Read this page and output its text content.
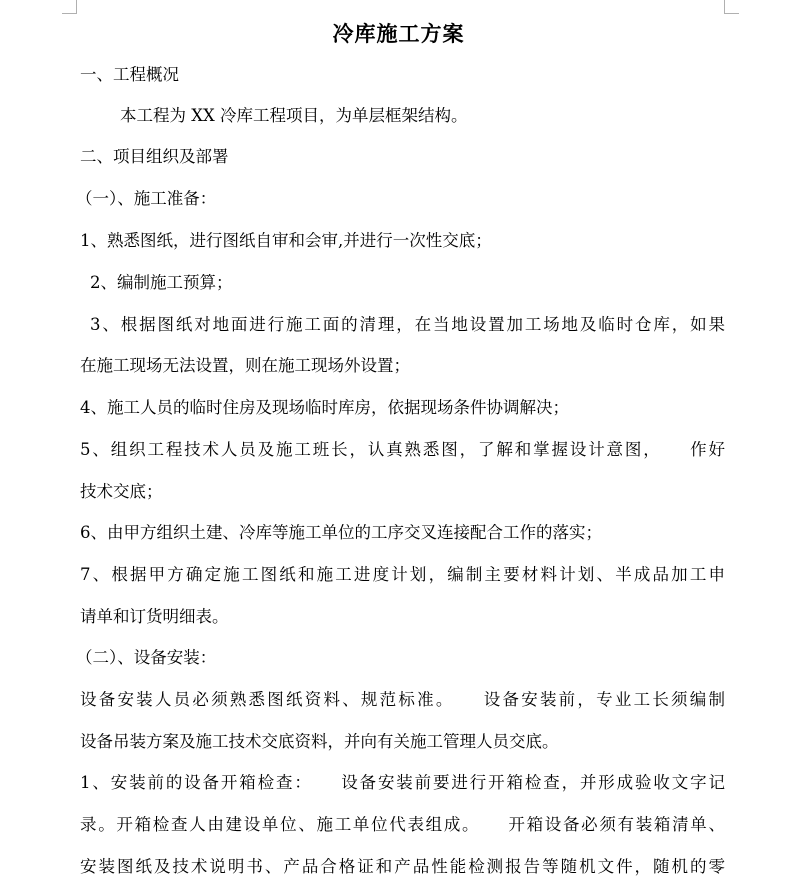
冷库施工方案

一、工程概况

本工程为 XX 冷库工程项目，为单层框架结构。

二、项目组织及部署

（一）、施工准备：

1、熟悉图纸，进行图纸自审和会审,并进行一次性交底；

2、编制施工预算；

3、根据图纸对地面进行施工面的清理，在当地设置加工场地及临时仓库，如果

在施工现场无法设置，则在施工现场外设置；

4、施工人员的临时住房及现场临时库房，依据现场条件协调解决；

5、组织工程技术人员及施工班长，认真熟悉图，了解和掌握设计意图，　　作好

技术交底；

6、由甲方组织土建、冷库等施工单位的工序交叉连接配合工作的落实；

7、根据甲方确定施工图纸和施工进度计划，编制主要材料计划、半成品加工申

请单和订货明细表。

（二）、设备安装：

设备安装人员必须熟悉图纸资料、规范标准。　　设备安装前，专业工长须编制

设备吊装方案及施工技术交底资料，并向有关施工管理人员交底。

1、安装前的设备开箱检查：　　设备安装前要进行开箱检查，并形成验收文字记

录。开箱检查人由建设单位、施工单位代表组成。　　开箱设备必须有装箱清单、

安装图纸及技术说明书、产品合格证和产品性能检测报告等随机文件，随机的零
